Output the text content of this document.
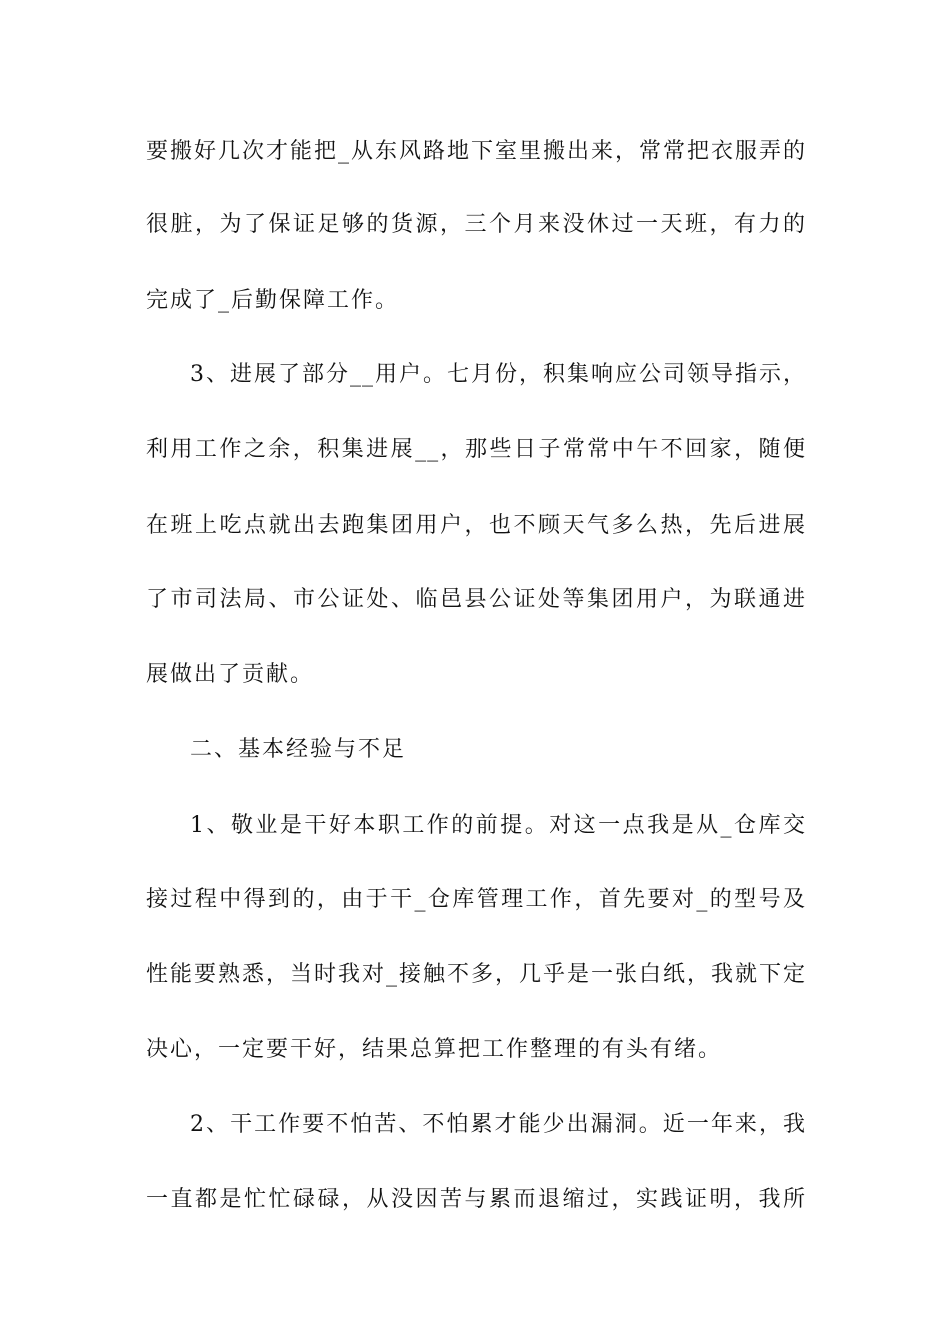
要搬好几次才能把_从东风路地下室里搬出来，常常把衣服弄的
很脏，为了保证足够的货源，三个月来没休过一天班，有力的
完成了_后勤保障工作。
3、进展了部分__用户。七月份，积集响应公司领导指示，
利用工作之余，积集进展__，那些日子常常中午不回家，随便
在班上吃点就出去跑集团用户，也不顾天气多么热，先后进展
了市司法局、市公证处、临邑县公证处等集团用户，为联通进
展做出了贡献。
二、基本经验与不足
1、敬业是干好本职工作的前提。对这一点我是从_仓库交
接过程中得到的，由于干_仓库管理工作，首先要对_的型号及
性能要熟悉，当时我对_接触不多，几乎是一张白纸，我就下定
决心，一定要干好，结果总算把工作整理的有头有绪。
2、干工作要不怕苦、不怕累才能少出漏洞。近一年来，我
一直都是忙忙碌碌，从没因苦与累而退缩过，实践证明，我所
